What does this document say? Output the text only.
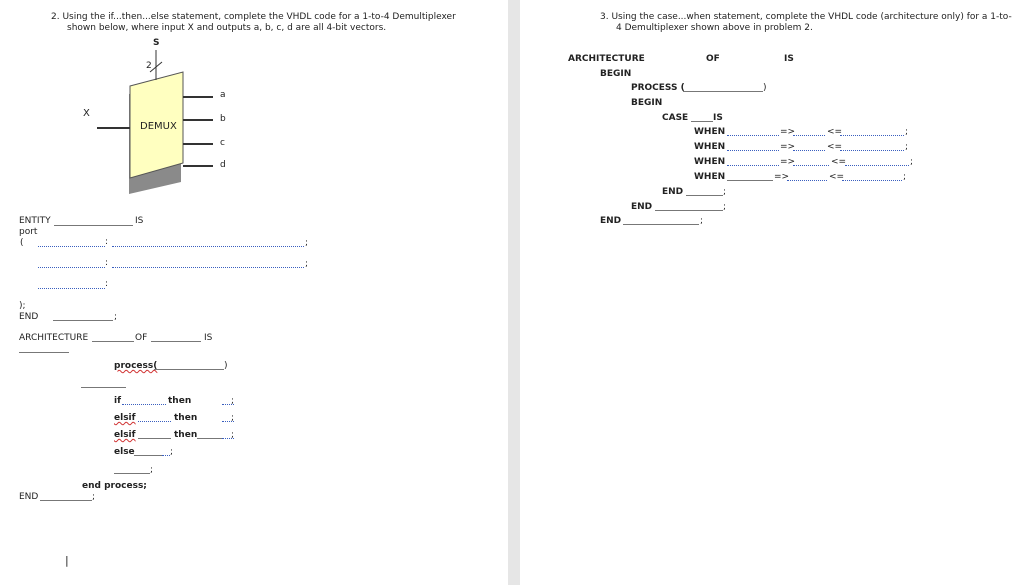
2. Using the if...then...else statement, complete the VHDL code for a 1-to-4 Demultiplexer
shown below, where input X and outputs a, b, c, d are all 4-bit vectors.
S
2
X
DEMUX
a
b
c
d
ENTITY	IS
port
(	:	;
:	;
:
);
END	;
ARCHITECTURE	OF	IS
process(	)
if	then	;
elsif	then	;
elsif	then	;
else	;
;
end process;
END	;
|
3. Using the case...when statement, complete the VHDL code (architecture only) for a 1-to-
4 Demultiplexer shown above in problem 2.
ARCHITECTURE	OF	IS
BEGIN
PROCESS (	)
BEGIN
CASE	IS
WHEN	=>	<=	;
WHEN	=>	<=	;
WHEN	=>	<=	;
WHEN	=>	<=	;
END	;
END	;
END	;
